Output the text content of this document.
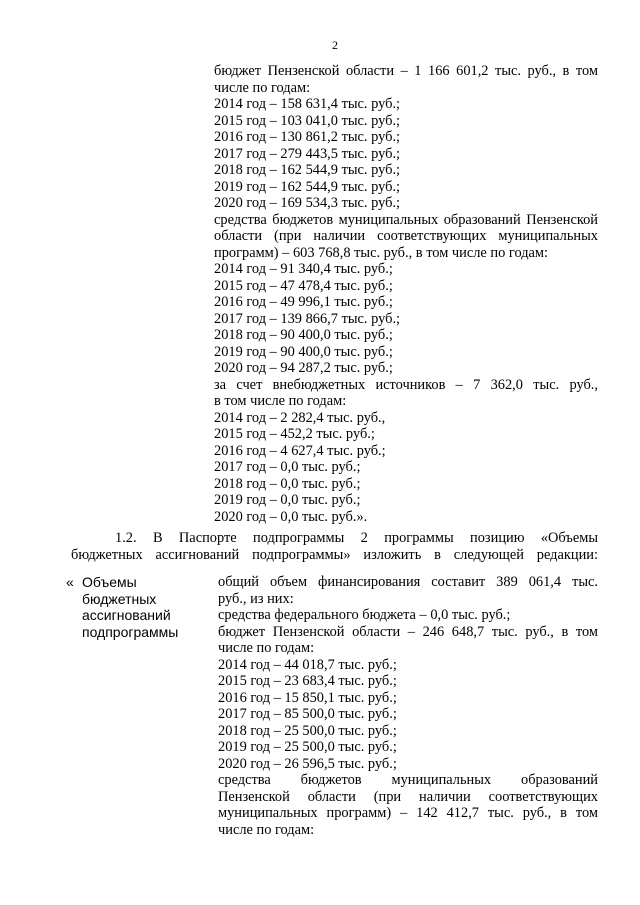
2
бюджет Пензенской области – 1 166 601,2 тыс. руб., в том
числе по годам:
2014 год – 158 631,4 тыс. руб.;
2015 год – 103 041,0 тыс. руб.;
2016 год – 130 861,2 тыс. руб.;
2017 год – 279 443,5 тыс. руб.;
2018 год – 162 544,9 тыс. руб.;
2019 год – 162 544,9 тыс. руб.;
2020 год – 169 534,3 тыс. руб.;
средства бюджетов муниципальных образований Пензенской
области (при наличии соответствующих муниципальных
программ) – 603 768,8 тыс. руб., в том числе по годам:
2014 год – 91 340,4 тыс. руб.;
2015 год – 47 478,4 тыс. руб.;
2016 год – 49 996,1 тыс. руб.;
2017 год – 139 866,7 тыс. руб.;
2018 год – 90 400,0 тыс. руб.;
2019 год – 90 400,0 тыс. руб.;
2020 год – 94 287,2 тыс. руб.;
за счет внебюджетных источников – 7 362,0 тыс. руб.,
в том числе по годам:
2014 год – 2 282,4 тыс. руб.,
2015 год – 452,2 тыс. руб.;
2016 год – 4 627,4 тыс. руб.;
2017 год – 0,0 тыс. руб.;
2018 год – 0,0 тыс. руб.;
2019 год – 0,0 тыс. руб.;
2020 год – 0,0 тыс. руб.».
1.2. В Паспорте подпрограммы 2 программы позицию «Объемы
бюджетных ассигнований подпрограммы» изложить в следующей редакции:
« Объемы
бюджетных
ассигнований
подпрограммы
общий объем финансирования составит 389 061,4 тыс.
руб., из них:
средства федерального бюджета – 0,0 тыс. руб.;
бюджет Пензенской области – 246 648,7 тыс. руб., в том
числе по годам:
2014 год – 44 018,7 тыс. руб.;
2015 год – 23 683,4 тыс. руб.;
2016 год – 15 850,1 тыс. руб.;
2017 год – 85 500,0 тыс. руб.;
2018 год – 25 500,0 тыс. руб.;
2019 год – 25 500,0 тыс. руб.;
2020 год – 26 596,5 тыс. руб.;
средства бюджетов муниципальных образований
Пензенской области (при наличии соответствующих
муниципальных программ) – 142 412,7 тыс. руб., в том
числе по годам:
